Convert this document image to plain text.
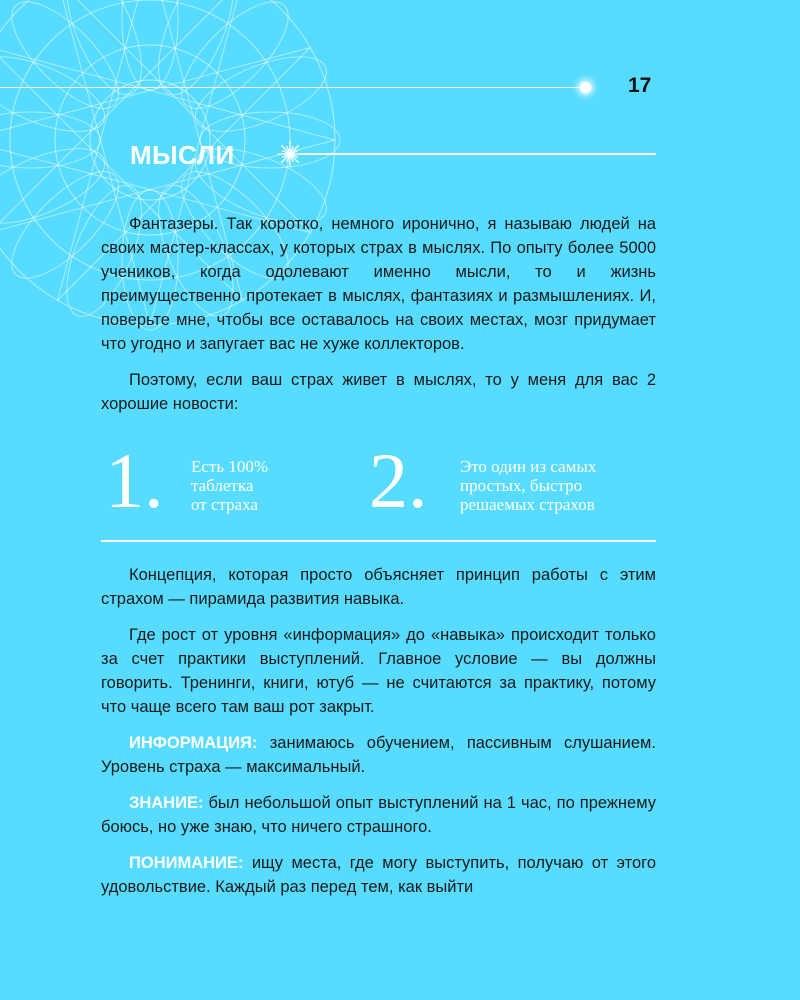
17
МЫСЛИ

Фантазеры. Так коротко, немного иронично, я называю людей на своих мастер-классах, у которых страх в мыслях. По опыту более 5000 учеников, когда одолевают именно мысли, то и жизнь преимущественно протекает в мыслях, фантазиях и размышлениях. И, поверьте мне, чтобы все оставалось на своих местах, мозг придумает что угодно и запугает вас не хуже коллекторов.

Поэтому, если ваш страх живет в мыслях, то у меня для вас 2 хорошие новости:

1. Есть 100%
таблетка
от страха 2. Это один из самых
простых, быстро
решаемых страхов

Концепция, которая просто объясняет принцип работы с этим страхом — пирамида развития навыка.

Где рост от уровня «информация» до «навыка» происходит только за счет практики выступлений. Главное условие — вы должны говорить. Тренинги, книги, ютуб — не считаются за практику, потому что чаще всего там ваш рот закрыт.

ИНФОРМАЦИЯ: занимаюсь обучением, пассивным слушанием. Уровень страха — максимальный.

ЗНАНИЕ: был небольшой опыт выступлений на 1 час, по прежнему боюсь, но уже знаю, что ничего страшного.

ПОНИМАНИЕ: ищу места, где могу выступить, получаю от этого удовольствие. Каждый раз перед тем, как выйти
